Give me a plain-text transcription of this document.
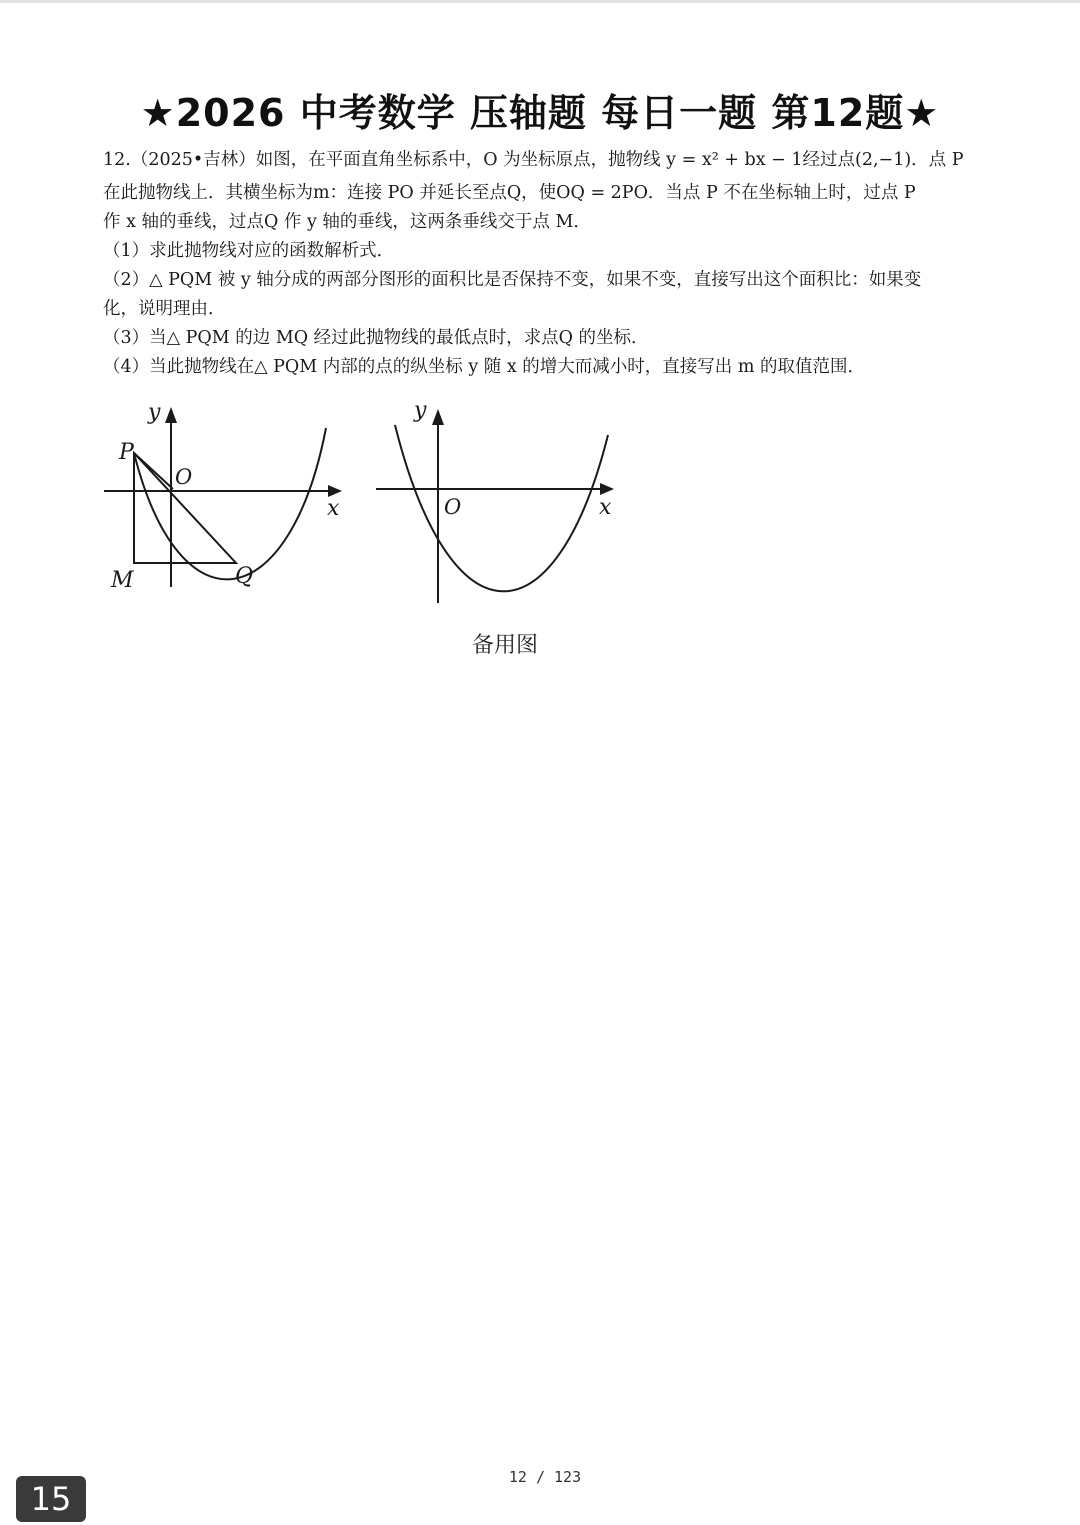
★2026 中考数学 压轴题 每日一题 第12题★
12.（2025•吉林）如图，在平面直角坐标系中，O 为坐标原点，抛物线 y = x² + bx − 1经过点(2,−1)．点 P
在此抛物线上．其横坐标为m：连接 PO 并延长至点Q，使OQ = 2PO．当点 P 不在坐标轴上时，过点 P
作 x 轴的垂线，过点Q 作 y 轴的垂线，这两条垂线交于点 M．
（1）求此抛物线对应的函数解析式．
（2）△ PQM 被 y 轴分成的两部分图形的面积比是否保持不变，如果不变，直接写出这个面积比：如果变
化，说明理由．
（3）当△ PQM 的边 MQ 经过此抛物线的最低点时，求点Q 的坐标．
（4）当此抛物线在△ PQM 内部的点的纵坐标 y 随 x 的增大而减小时，直接写出 m 的取值范围．
y
x
O
P
M	Q
y
x
O
备用图
12 / 123
15
